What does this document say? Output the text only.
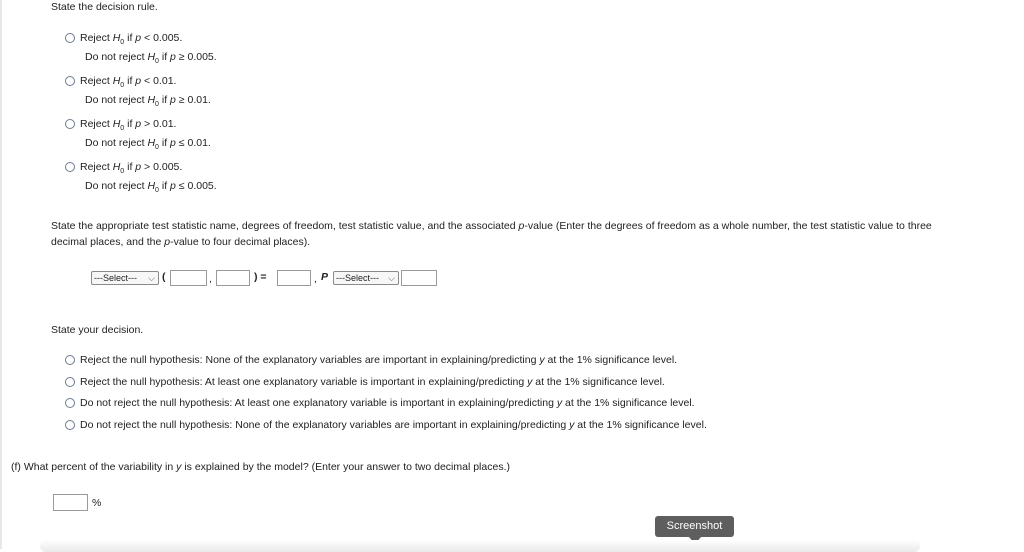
State the decision rule.
Reject $H_0$ if p < 0.005.
Do not reject $H_0$ if p ≥ 0.005.
Reject $H_0$ if p < 0.01.
Do not reject $H_0$ if p ≥ 0.01.
Reject $H_0$ if p > 0.01.
Do not reject $H_0$ if p ≤ 0.01.
Reject $H_0$ if p > 0.005.
Do not reject $H_0$ if p ≤ 0.005.
State the appropriate test statistic name, degrees of freedom, test statistic value, and the associated p-value (Enter the degrees of freedom as a whole number, the test statistic value to three
decimal places, and the p-value to four decimal places).
---Select--- ⌵ (	,	) =	, P ---Select--- ⌵
State your decision.
Reject the null hypothesis: None of the explanatory variables are important in explaining/predicting y at the 1% significance level.
Reject the null hypothesis: At least one explanatory variable is important in explaining/predicting y at the 1% significance level.
Do not reject the null hypothesis: At least one explanatory variable is important in explaining/predicting y at the 1% significance level.
Do not reject the null hypothesis: None of the explanatory variables are important in explaining/predicting y at the 1% significance level.
(f) What percent of the variability in y is explained by the model? (Enter your answer to two decimal places.)
%
Screenshot
